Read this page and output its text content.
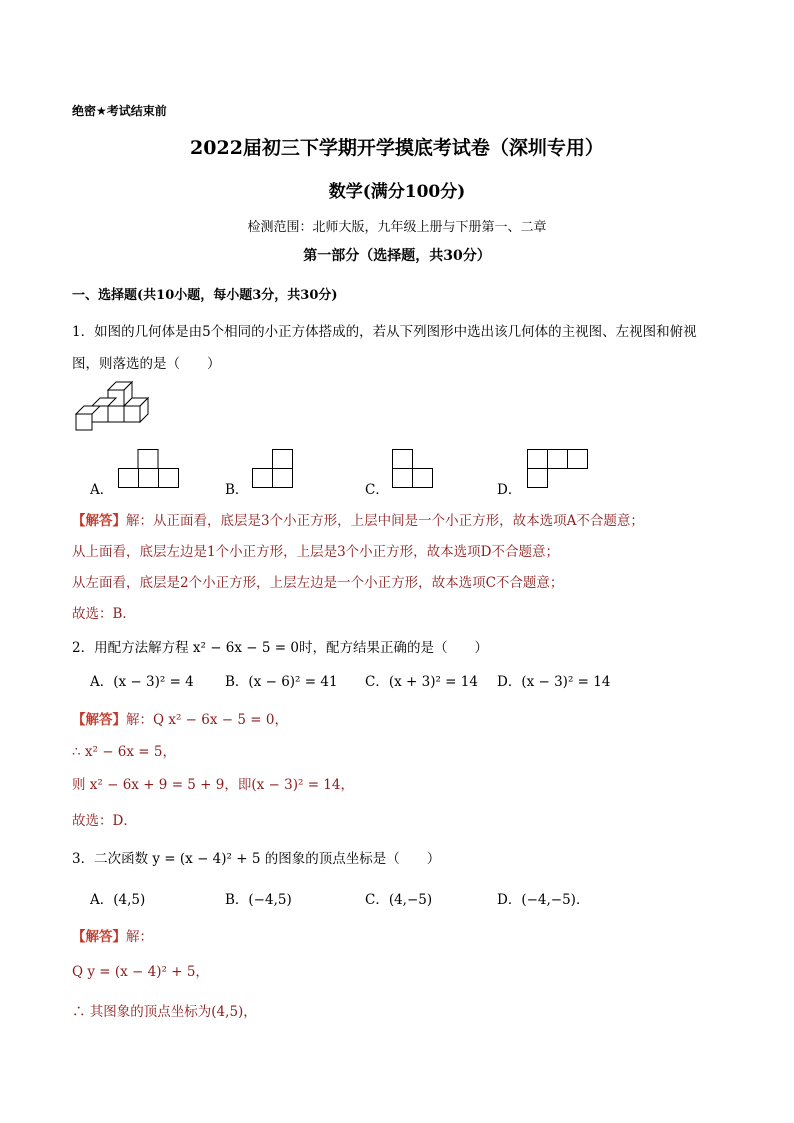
绝密★考试结束前
2022届初三下学期开学摸底考试卷（深圳专用）
数学(满分100分)
检测范围：北师大版，九年级上册与下册第一、二章
第一部分（选择题，共30分）
一、选择题(共10小题，每小题3分，共30分)
1．如图的几何体是由5个相同的小正方体搭成的，若从下列图形中选出该几何体的主视图、左视图和俯视
图，则落选的是（　　）
A．	B．	C．	D．
【解答】解：从正面看，底层是3个小正方形，上层中间是一个小正方形，故本选项A不合题意；
从上面看，底层左边是1个小正方形，上层是3个小正方形，故本选项D不合题意；
从左面看，底层是2个小正方形，上层左边是一个小正方形，故本选项C不合题意；
故选：B．
2．用配方法解方程 x² − 6x − 5 = 0时，配方结果正确的是（　　）
A．(x − 3)² = 4 B．(x − 6)² = 41 C．(x + 3)² = 14 D．(x − 3)² = 14
【解答】解：Q x² − 6x − 5 = 0，
∴ x² − 6x = 5，
则 x² − 6x + 9 = 5 + 9，即(x − 3)² = 14，
故选：D．
3．二次函数 y = (x − 4)² + 5 的图象的顶点坐标是（　　）
A．(4,5)	B．(−4,5)	C．(4,−5)	D．(−4,−5)．
【解答】解：
Q y = (x − 4)² + 5，
∴ 其图象的顶点坐标为(4,5)，
